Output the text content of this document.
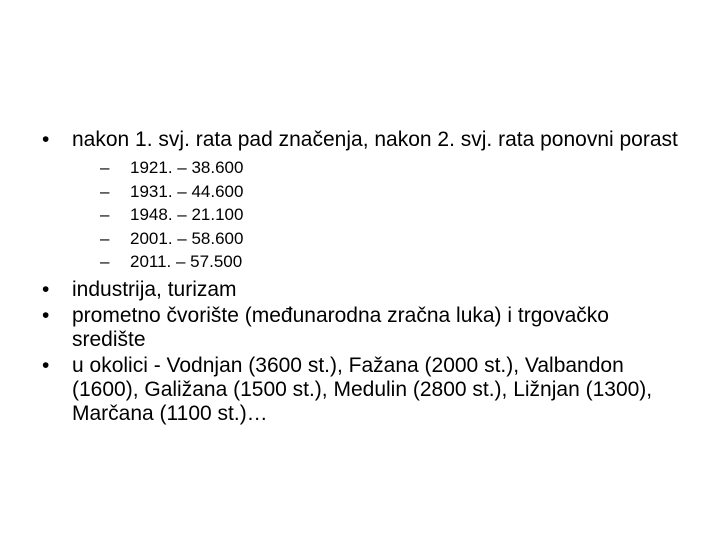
•	nakon 1. svj. rata pad značenja, nakon 2. svj. rata ponovni porast
– 1921. – 38.600
– 1931. – 44.600
– 1948. – 21.100
– 2001. – 58.600
– 2011. – 57.500
•	industrija, turizam
•	prometno čvorište (međunarodna zračna luka) i trgovačko središte
•	u okolici - Vodnjan (3600 st.), Fažana (2000 st.), Valbandon (1600), Galižana (1500 st.), Medulin (2800 st.), Ližnjan (1300), Marčana (1100 st.)…
